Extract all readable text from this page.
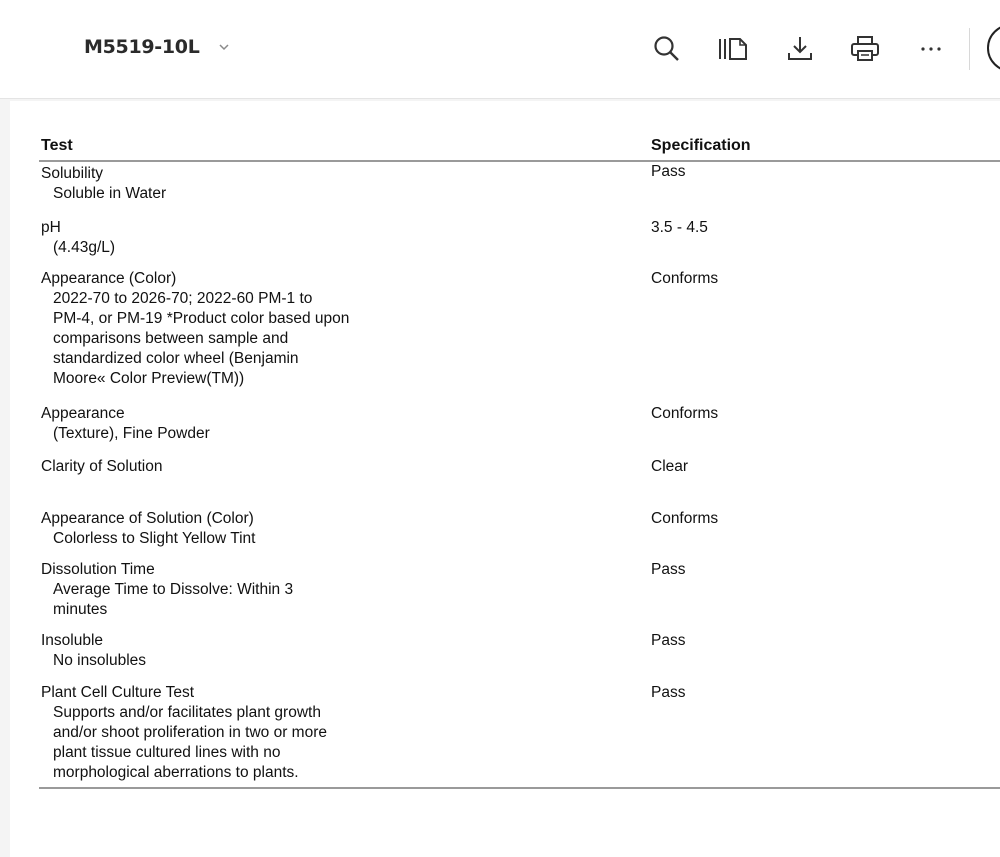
M5519-10L
Test	Specification
Solubility
Soluble in Water
Pass
pH
(4.43g/L)
3.5 - 4.5
Appearance (Color)
2022-70 to 2026-70; 2022-60 PM-1 to
PM-4, or PM-19 *Product color based upon
comparisons between sample and
standardized color wheel (Benjamin
Moore« Color Preview(TM))
Conforms
Appearance
(Texture), Fine Powder
Conforms
Clarity of Solution	Clear
Appearance of Solution (Color)
Colorless to Slight Yellow Tint
Conforms
Dissolution Time
Average Time to Dissolve: Within 3
minutes
Pass
Insoluble
No insolubles
Pass
Plant Cell Culture Test
Supports and/or facilitates plant growth
and/or shoot proliferation in two or more
plant tissue cultured lines with no
morphological aberrations to plants.
Pass
